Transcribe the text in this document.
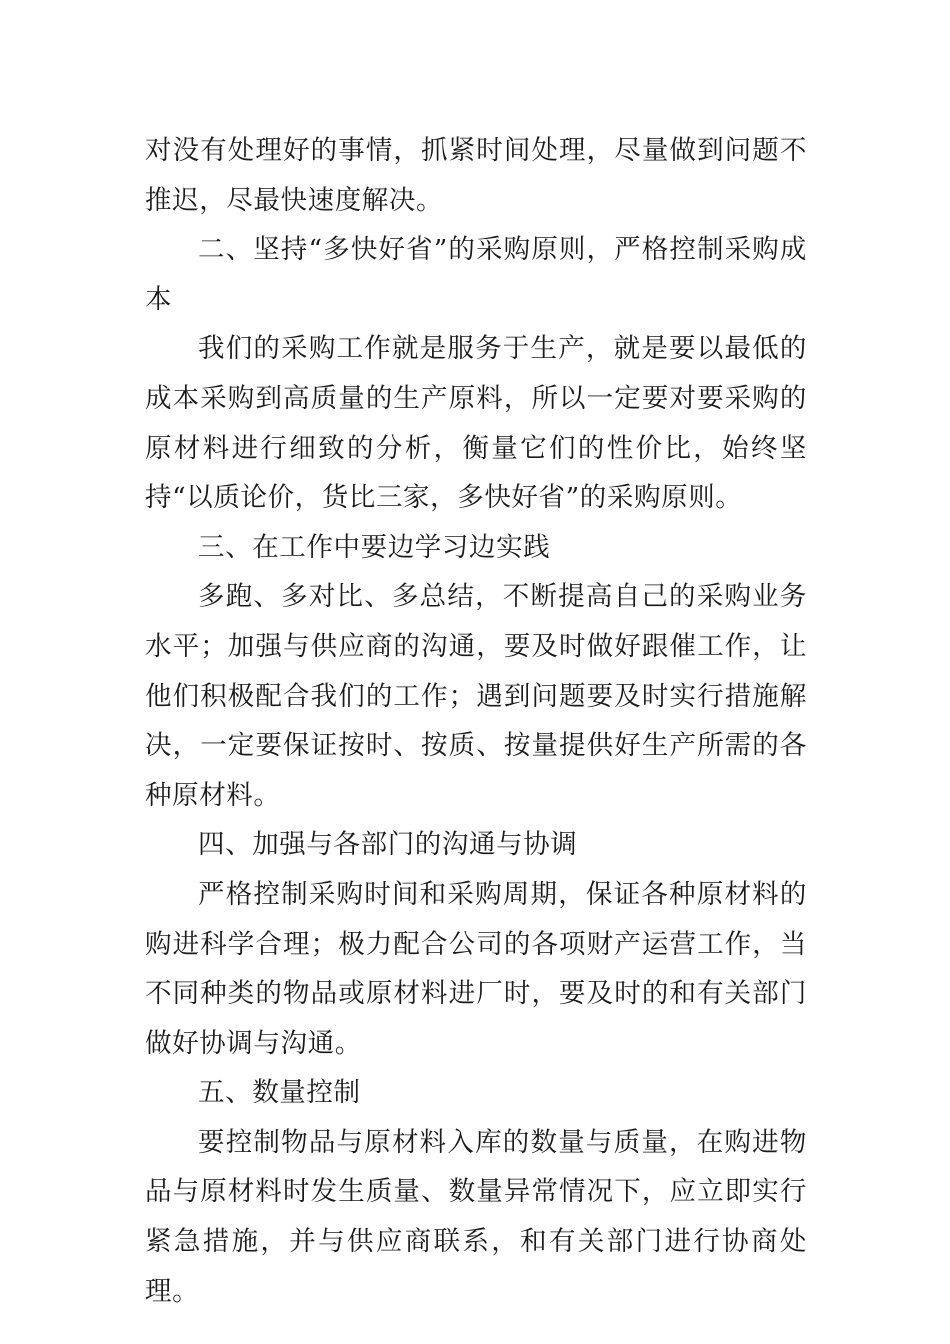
对没有处理好的事情，抓紧时间处理，尽量做到问题不推迟，尽最快速度解决。

二、坚持“多快好省”的采购原则，严格控制采购成本

我们的采购工作就是服务于生产，就是要以最低的成本采购到高质量的生产原料，所以一定要对要采购的原材料进行细致的分析，衡量它们的性价比，始终坚持“以质论价，货比三家，多快好省”的采购原则。

三、在工作中要边学习边实践

多跑、多对比、多总结，不断提高自己的采购业务水平；加强与供应商的沟通，要及时做好跟催工作，让他们积极配合我们的工作；遇到问题要及时实行措施解决，一定要保证按时、按质、按量提供好生产所需的各种原材料。

四、加强与各部门的沟通与协调

严格控制采购时间和采购周期，保证各种原材料的购进科学合理；极力配合公司的各项财产运营工作，当不同种类的物品或原材料进厂时，要及时的和有关部门做好协调与沟通。

五、数量控制

要控制物品与原材料入库的数量与质量，在购进物品与原材料时发生质量、数量异常情况下，应立即实行紧急措施，并与供应商联系，和有关部门进行协商处理。
